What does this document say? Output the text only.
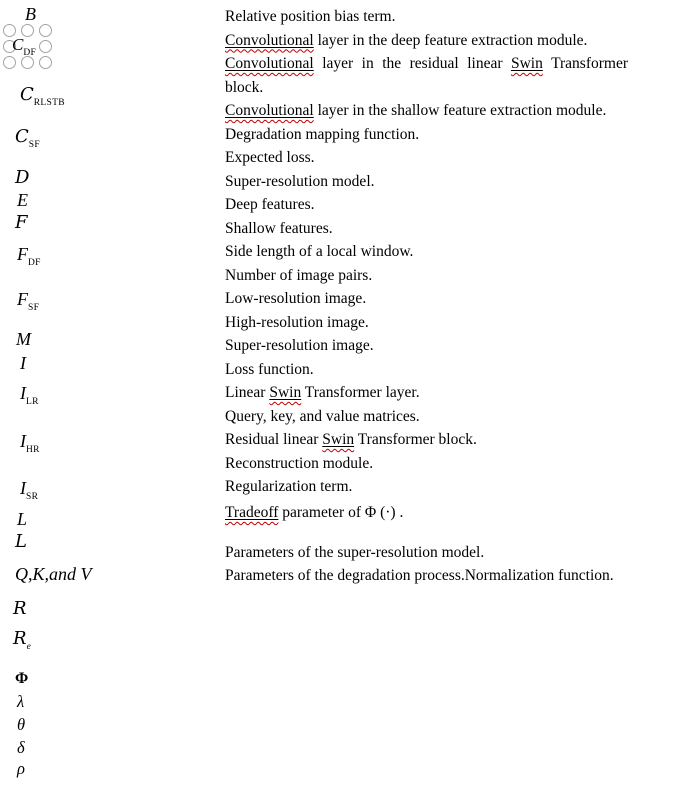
B
$C_{DF}$
$C_{RLSTB}$
$C_{SF}$
D
E
F
$F_{DF}$
$F_{SF}$
M
I
$I_{LR}$
$I_{HR}$
$I_{SR}$
L
L
Q,K,and V
R
$R_e$
Φ
λ
θ
δ
ρ
Relative position bias term.
Convolutional layer in the deep feature extraction module.
Convolutional layer in the residual linear Swin Transformer
block.
Convolutional layer in the shallow feature extraction module.
Degradation mapping function.
Expected loss.
Super-resolution model.
Deep features.
Shallow features.
Side length of a local window.
Number of image pairs.
Low-resolution image.
High-resolution image.
Super-resolution image.
Loss function.
Linear Swin Transformer layer.
Query, key, and value matrices.
Residual linear Swin Transformer block.
Reconstruction module.
Regularization term.
Tradeoff parameter of Φ (·) .
Parameters of the super-resolution model.
Parameters of the degradation process.Normalization function.
